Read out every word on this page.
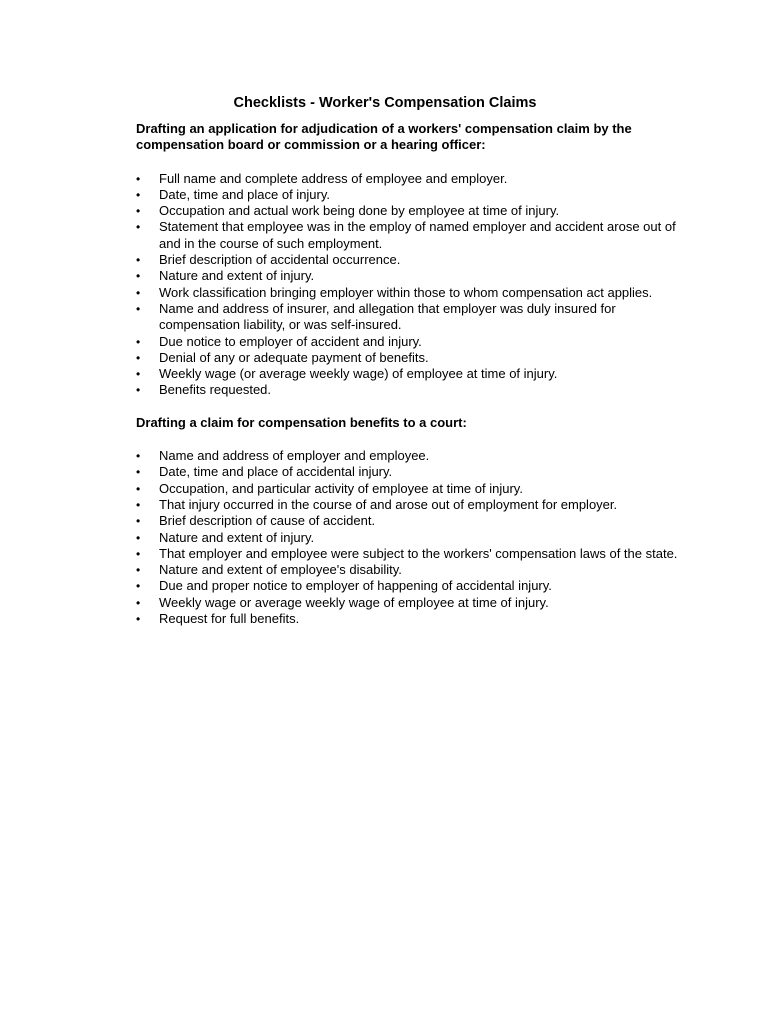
Checklists - Worker's Compensation Claims

Drafting an application for adjudication of a workers' compensation claim by the compensation board or commission or a hearing officer:

•	Full name and complete address of employee and employer.
•	Date, time and place of injury.
•	Occupation and actual work being done by employee at time of injury.
•	Statement that employee was in the employ of named employer and accident arose out of and in the course of such employment.
•	Brief description of accidental occurrence.
•	Nature and extent of injury.
•	Work classification bringing employer within those to whom compensation act applies.
•	Name and address of insurer, and allegation that employer was duly insured for compensation liability, or was self-insured.
•	Due notice to employer of accident and injury.
•	Denial of any or adequate payment of benefits.
•	Weekly wage (or average weekly wage) of employee at time of injury.
•	Benefits requested.

Drafting a claim for compensation benefits to a court:

•	Name and address of employer and employee.
•	Date, time and place of accidental injury.
•	Occupation, and particular activity of employee at time of injury.
•	That injury occurred in the course of and arose out of employment for employer.
•	Brief description of cause of accident.
•	Nature and extent of injury.
•	That employer and employee were subject to the workers' compensation laws of the state.
•	Nature and extent of employee's disability.
•	Due and proper notice to employer of happening of accidental injury.
•	Weekly wage or average weekly wage of employee at time of injury.
•	Request for full benefits.
